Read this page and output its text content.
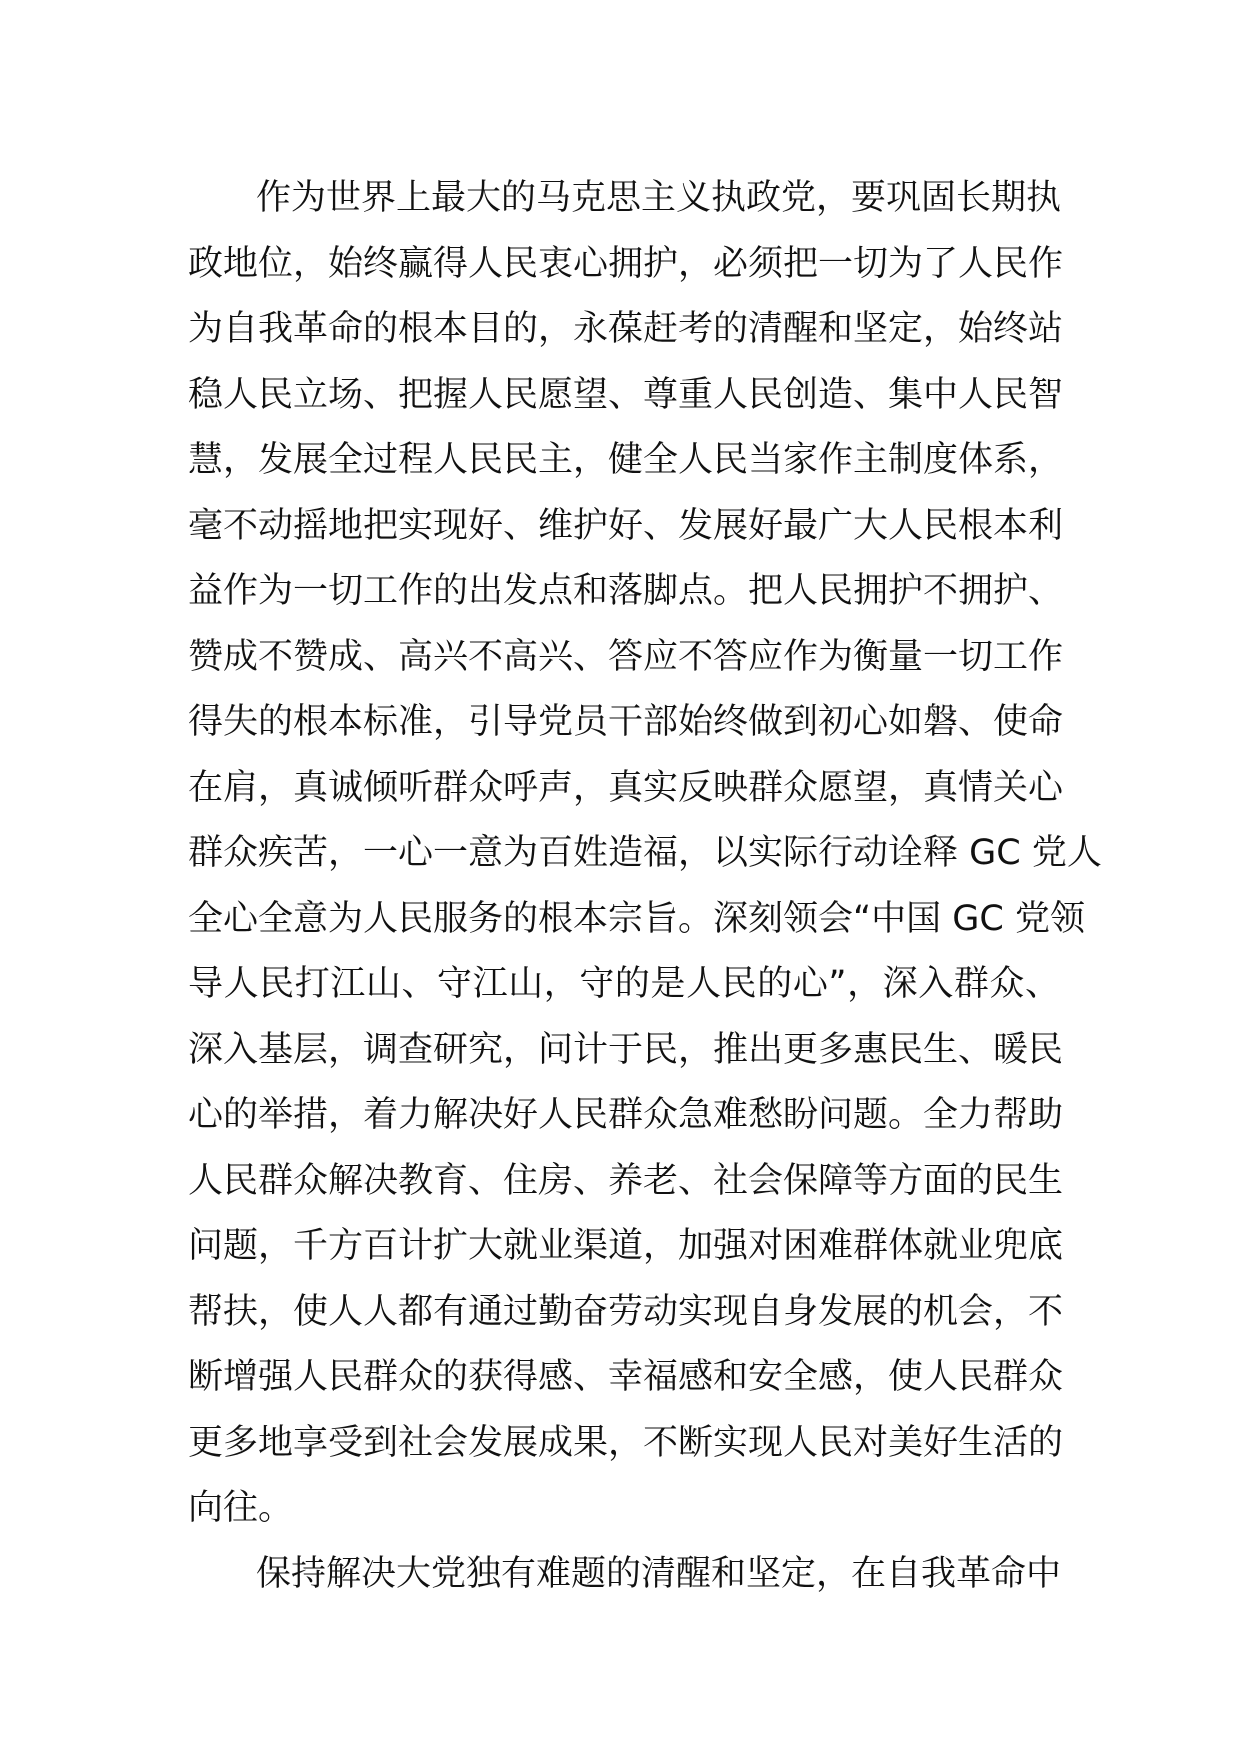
作为世界上最大的马克思主义执政党，要巩固长期执
政地位，始终赢得人民衷心拥护，必须把一切为了人民作
为自我革命的根本目的，永葆赶考的清醒和坚定，始终站
稳人民立场、把握人民愿望、尊重人民创造、集中人民智
慧，发展全过程人民民主，健全人民当家作主制度体系，
毫不动摇地把实现好、维护好、发展好最广大人民根本利
益作为一切工作的出发点和落脚点。把人民拥护不拥护、
赞成不赞成、高兴不高兴、答应不答应作为衡量一切工作
得失的根本标准，引导党员干部始终做到初心如磐、使命
在肩，真诚倾听群众呼声，真实反映群众愿望，真情关心
群众疾苦，一心一意为百姓造福，以实际行动诠释 GC 党人
全心全意为人民服务的根本宗旨。深刻领会“中国 GC 党领
导人民打江山、守江山，守的是人民的心”，深入群众、
深入基层，调查研究，问计于民，推出更多惠民生、暖民
心的举措，着力解决好人民群众急难愁盼问题。全力帮助
人民群众解决教育、住房、养老、社会保障等方面的民生
问题，千方百计扩大就业渠道，加强对困难群体就业兜底
帮扶，使人人都有通过勤奋劳动实现自身发展的机会，不
断增强人民群众的获得感、幸福感和安全感，使人民群众
更多地享受到社会发展成果，不断实现人民对美好生活的
向往。
保持解决大党独有难题的清醒和坚定，在自我革命中
